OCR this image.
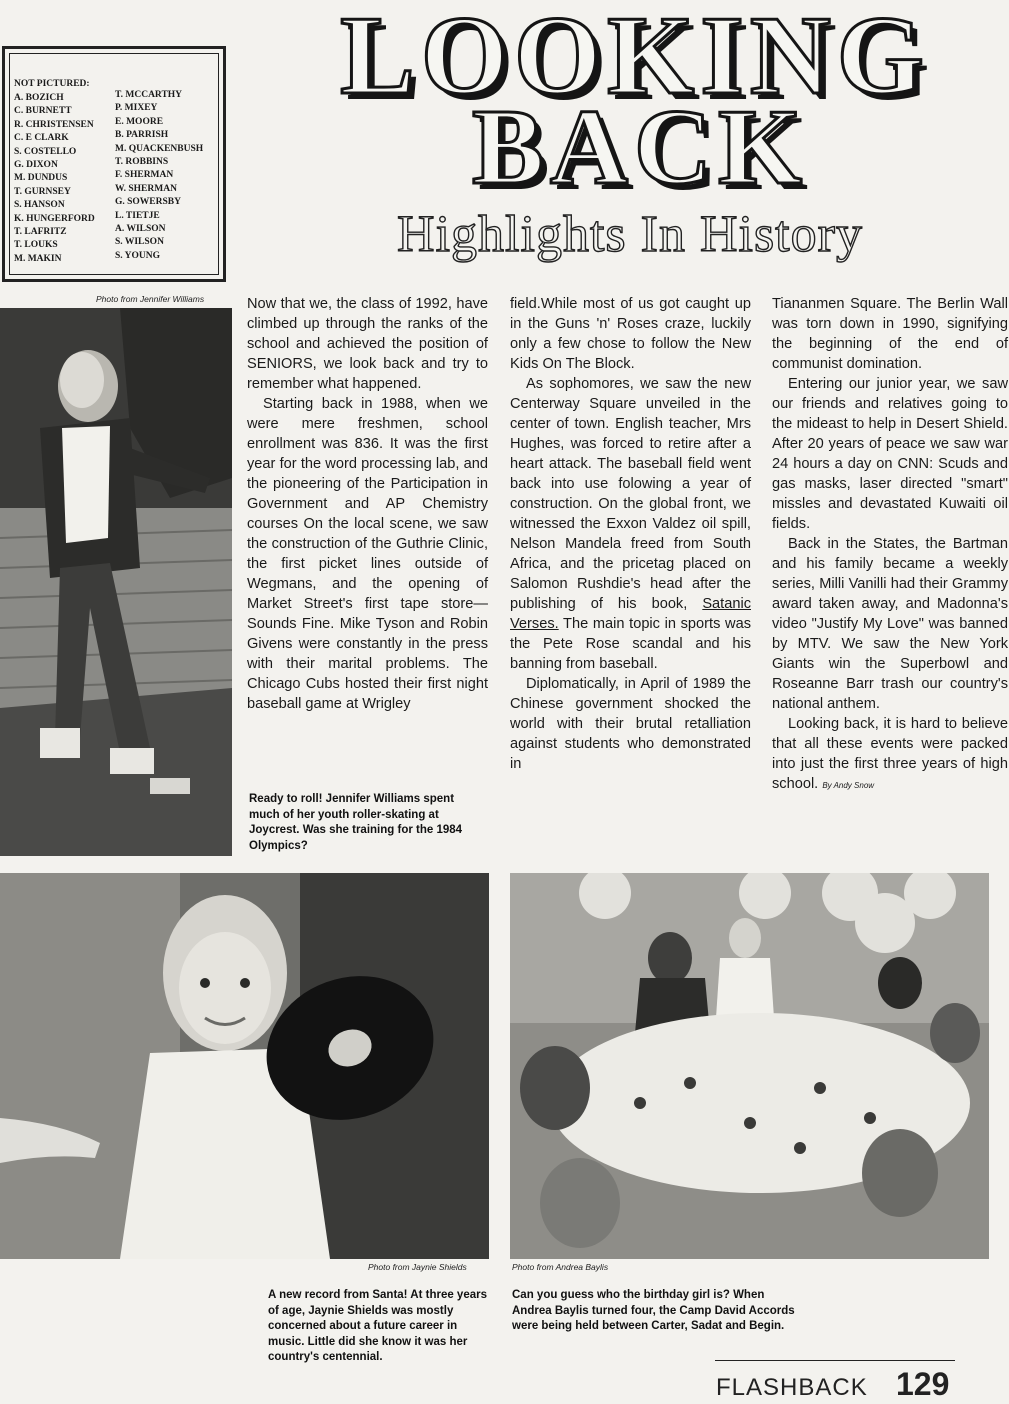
NOT PICTURED:
A. BOZICH
C. BURNETT
R. CHRISTENSEN
C. E CLARK
S. COSTELLO
G. DIXON
M. DUNDUS
T. GURNSEY
S. HANSON
K. HUNGERFORD
T. LAFRITZ
T. LOUKS
M. MAKIN
T. MCCARTHY
P. MIXEY
E. MOORE
B. PARRISH
M. QUACKENBUSH
T. ROBBINS
F. SHERMAN
W. SHERMAN
G. SOWERSBY
L. TIETJE
A. WILSON
S. WILSON
S. YOUNG
LOOKING
BACK
Highlights In History
Photo from Jennifer Williams
Ready to roll! Jennifer Williams spent much of her youth roller-skating at Joycrest. Was she training for the 1984 Olympics?

Now that we, the class of 1992, have climbed up through the ranks of the school and achieved the position of SENIORS, we look back and try to remember what happened.

Starting back in 1988, when we were mere freshmen, school enrollment was 836. It was the first year for the word processing lab, and the pioneering of the Participation in Government and AP Chemistry courses On the local scene, we saw the construction of the Guthrie Clinic, the first picket lines outside of Wegmans, and the opening of Market Street's first tape store— Sounds Fine. Mike Tyson and Robin Givens were constantly in the press with their marital problems. The Chicago Cubs hosted their first night baseball game at Wrigley

field.While most of us got caught up in the Guns 'n' Roses craze, luckily only a few chose to follow the New Kids On The Block.

As sophomores, we saw the new Centerway Square unveiled in the center of town. English teacher, Mrs Hughes, was forced to retire after a heart attack. The baseball field went back into use folowing a year of construction. On the global front, we witnessed the Exxon Valdez oil spill, Nelson Mandela freed from South Africa, and the pricetag placed on Salomon Rushdie's head after the publishing of his book, Satanic Verses. The main topic in sports was the Pete Rose scandal and his banning from baseball.

Diplomatically, in April of 1989 the Chinese government shocked the world with their brutal retalliation against students who demonstrated in

Tiananmen Square. The Berlin Wall was torn down in 1990, signifying the beginning of the end of communist domination.

Entering our junior year, we saw our friends and relatives going to the mideast to help in Desert Shield. After 20 years of peace we saw war 24 hours a day on CNN: Scuds and gas masks, laser directed "smart" missles and devastated Kuwaiti oil fields.

Back in the States, the Bartman and his family became a weekly series, Milli Vanilli had their Grammy award taken away, and Madonna's video "Justify My Love" was banned by MTV. We saw the New York Giants win the Superbowl and Roseanne Barr trash our country's national anthem.

Looking back, it is hard to believe that all these events were packed into just the first three years of high school. By Andy Snow

Photo from Jaynie Shields
A new record from Santa! At three years of age, Jaynie Shields was mostly concerned about a future career in music. Little did she know it was her country's centennial.
Photo from Andrea Baylis
Can you guess who the birthday girl is? When Andrea Baylis turned four, the Camp David Accords were being held between Carter, Sadat and Begin.
FLASHBACK 129
